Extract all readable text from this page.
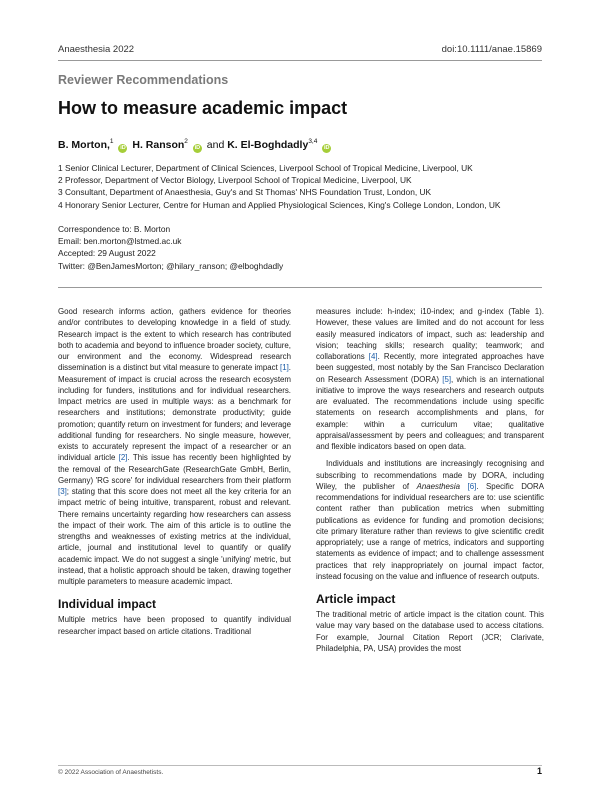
Anaesthesia 2022	doi:10.1111/anae.15869
Reviewer Recommendations
How to measure academic impact
B. Morton,$^1$ iD H. Ranson$^2$ iD and K. El-Boghdadly$^{3,4}$ iD
1 Senior Clinical Lecturer, Department of Clinical Sciences, Liverpool School of Tropical Medicine, Liverpool, UK
2 Professor, Department of Vector Biology, Liverpool School of Tropical Medicine, Liverpool, UK
3 Consultant, Department of Anaesthesia, Guy's and St Thomas' NHS Foundation Trust, London, UK
4 Honorary Senior Lecturer, Centre for Human and Applied Physiological Sciences, King's College London, London, UK
Correspondence to: B. Morton
Email: ben.morton@lstmed.ac.uk
Accepted: 29 August 2022
Twitter: @BenJamesMorton; @hilary_ranson; @elboghdadly

Good research informs action, gathers evidence for theories and/or contributes to developing knowledge in a field of study. Research impact is the extent to which research has contributed both to academia and beyond to influence broader society, culture, our environment and the economy. Widespread research dissemination is a distinct but vital measure to generate impact [1]. Measurement of impact is crucial across the research ecosystem including for funders, institutions and for individual researchers. Impact metrics are used in multiple ways: as a benchmark for researchers and institutions; demonstrate productivity; guide promotion; quantify return on investment for funders; and leverage additional funding for researchers. No single measure, however, exists to accurately represent the impact of a researcher or an individual article [2]. This issue has recently been highlighted by the removal of the ResearchGate (ResearchGate GmbH, Berlin, Germany) 'RG score' for individual researchers from their platform [3]; stating that this score does not meet all the key criteria for an impact metric of being intuitive, transparent, robust and relevant. There remains uncertainty regarding how researchers can assess the impact of their work. The aim of this article is to outline the strengths and weaknesses of existing metrics at the individual, article, journal and institutional level to quantify or qualify academic impact. We do not suggest a single 'unifying' metric, but instead, that a holistic approach should be taken, drawing together multiple parameters to measure academic impact.

Individual impact

Multiple metrics have been proposed to quantify individual researcher impact based on article citations. Traditional

measures include: h-index; i10-index; and g-index (Table 1). However, these values are limited and do not account for less easily measured indicators of impact, such as: leadership and vision; teaching skills; research quality; teamwork; and collaborations [4]. Recently, more integrated approaches have been suggested, most notably by the San Francisco Declaration on Research Assessment (DORA) [5], which is an international initiative to improve the ways researchers and research outputs are evaluated. The recommendations include using specific statements on research accomplishments and plans, for example: within a curriculum vitae; qualitative appraisal/assessment by peers and colleagues; and transparent and flexible indicators based on open data.

Individuals and institutions are increasingly recognising and subscribing to recommendations made by DORA, including Wiley, the publisher of Anaesthesia [6]. Specific DORA recommendations for individual researchers are to: use scientific content rather than publication metrics when submitting publications as evidence for funding and promotion decisions; cite primary literature rather than reviews to give scientific credit appropriately; use a range of metrics, indicators and supporting statements as evidence of impact; and to challenge assessment practices that rely inappropriately on journal impact factor, instead focusing on the value and influence of research outputs.

Article impact

The traditional metric of article impact is the citation count. This value may vary based on the database used to access citations. For example, Journal Citation Report (JCR; Clarivate, Philadelphia, PA, USA) provides the most

© 2022 Association of Anaesthetists.	1
